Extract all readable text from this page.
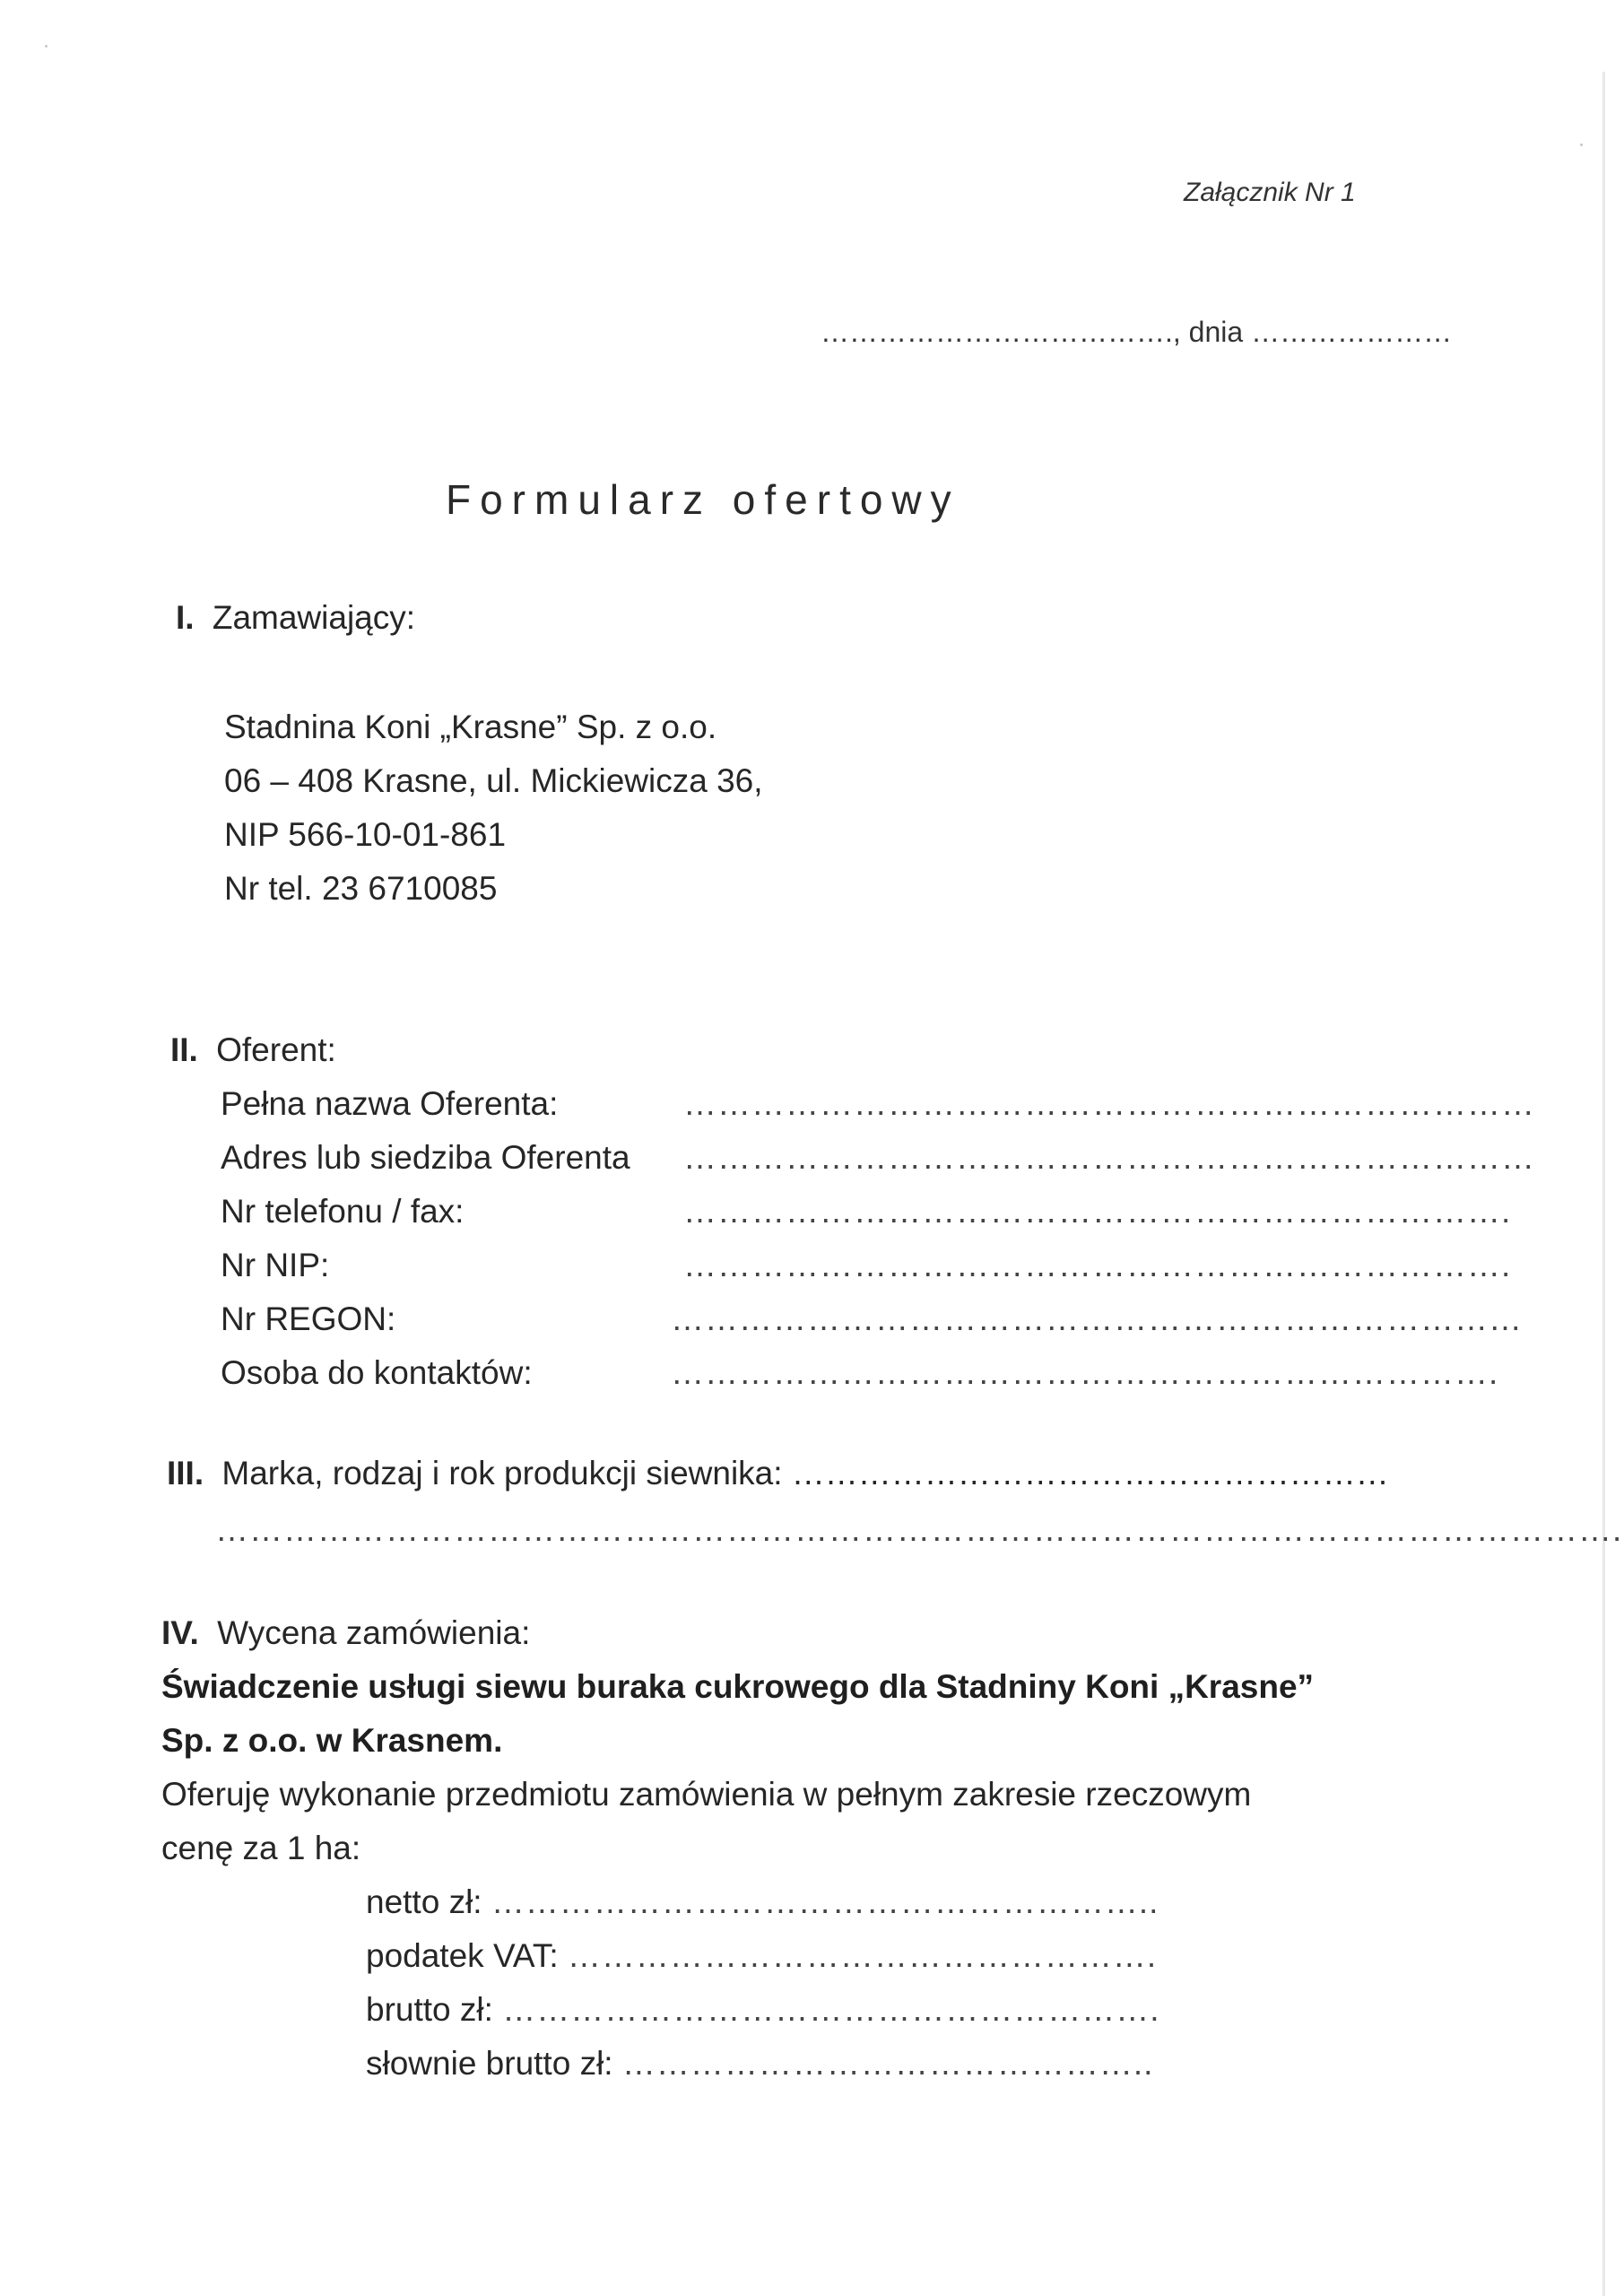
Załącznik Nr 1
………………………………., dnia …………………
Formularz ofertowy
I. Zamawiający:
Stadnina Koni „Krasne” Sp. z o.o.
06 – 408 Krasne, ul. Mickiewicza 36,
NIP 566-10-01-861
Nr tel. 23 6710085
II. Oferent:
Pełna nazwa Oferenta:	…………………………………………………………………
Adres lub siedziba Oferenta …………………………………………………………………
Nr telefonu / fax:	……………………………………………………………….
Nr NIP:	……………………………………………………………….
Nr REGON:	…………………………………………………………………
Osoba do kontaktów:	……………………………………………………………….
III. Marka, rodzaj i rok produkcji siewnika: ………………………………………………
…………………………………………………………………………………………………………….
IV. Wycena zamówienia:
Świadczenie usługi siewu buraka cukrowego dla Stadniny Koni „Krasne”
Sp. z o.o. w Krasnem.
Oferuję wykonanie przedmiotu zamówienia w pełnym zakresie rzeczowym
cenę za 1 ha:
netto zł: …………………………………………………..
podatek VAT: …………………………………………….
brutto zł: ………………………………………………….
słownie brutto zł: ………………………………………..
